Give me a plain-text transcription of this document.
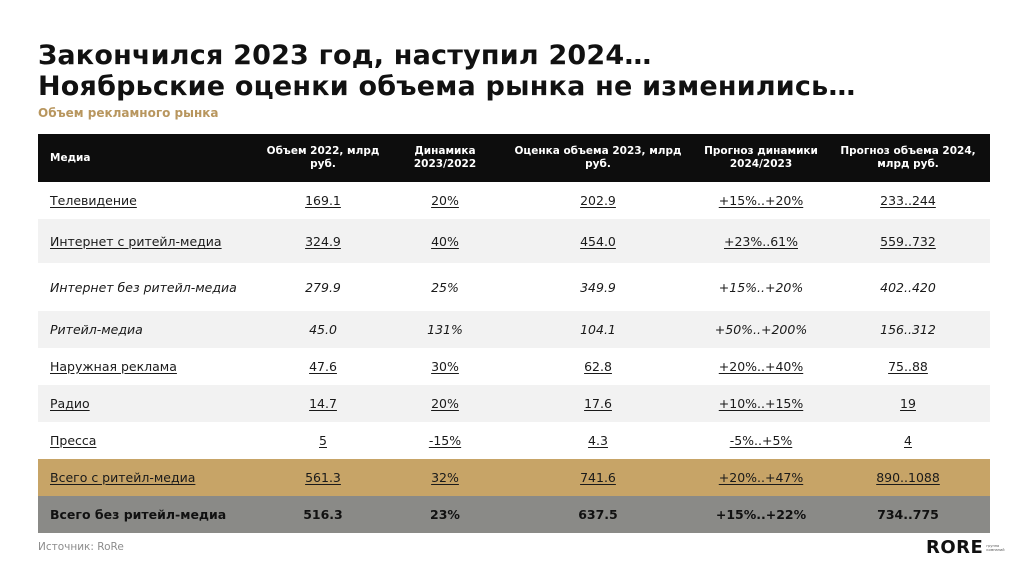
Закончился 2023 год, наступил 2024…
Ноябрьские оценки объема рынка не изменились…
Объем рекламного рынка
Медиа	Объем 2022, млрд руб.	Динамика 2023/2022	Оценка объема 2023, млрд руб.	Прогноз динамики 2024/2023	Прогноз объема 2024, млрд руб.
Телевидение	169.1	20%	202.9	+15%..+20%	233..244
Интернет с ритейл-медиа	324.9	40%	454.0	+23%..61%	559..732
Интернет без ритейл-медиа	279.9	25%	349.9	+15%..+20%	402..420
Ритейл-медиа	45.0	131%	104.1	+50%..+200%	156..312
Наружная реклама	47.6	30%	62.8	+20%..+40%	75..88
Радио	14.7	20%	17.6	+10%..+15%	19
Пресса	5	-15%	4.3	-5%..+5%	4
Всего с ритейл-медиа	561.3	32%	741.6	+20%..+47%	890..1088
Всего без ритейл-медиа	516.3	23%	637.5	+15%..+22%	734..775
Источник: RoRe	RORE группа компаний
